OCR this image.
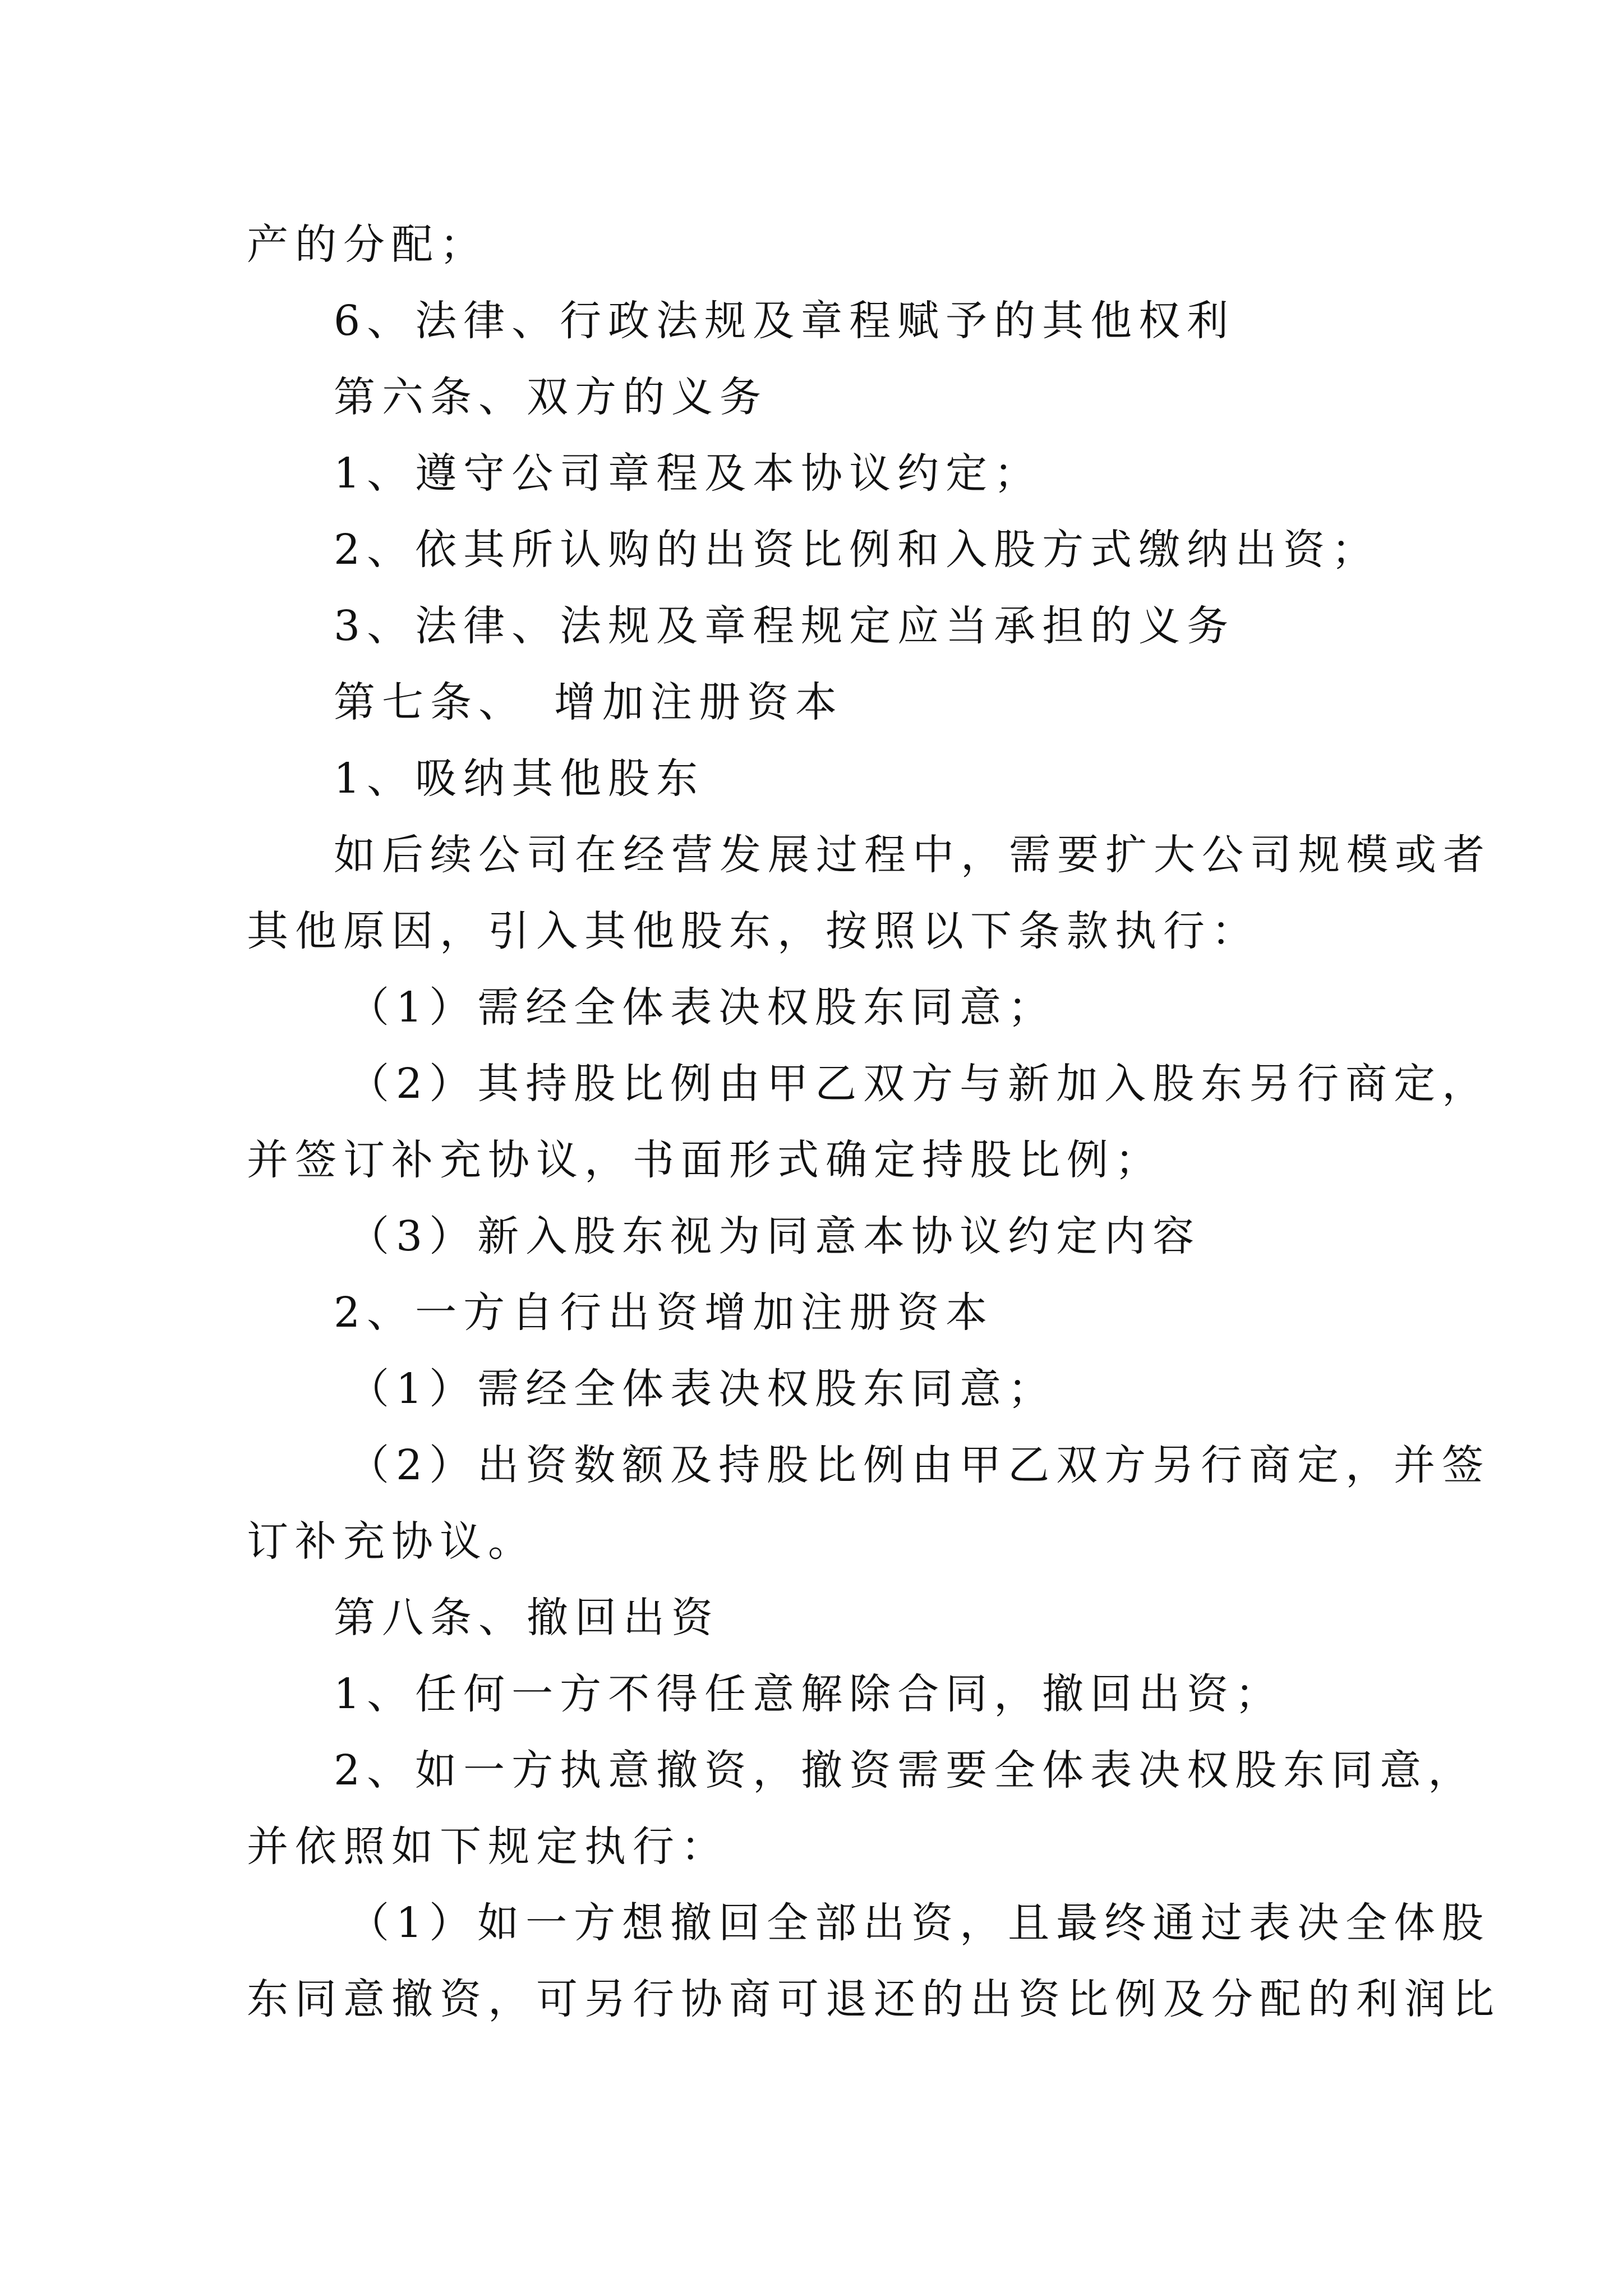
产的分配；
6、法律、行政法规及章程赋予的其他权利
第六条、双方的义务
1、遵守公司章程及本协议约定；
2、依其所认购的出资比例和入股方式缴纳出资；
3、法律、法规及章程规定应当承担的义务
第七条、　增加注册资本
1、吸纳其他股东
如后续公司在经营发展过程中，需要扩大公司规模或者
其他原因，引入其他股东，按照以下条款执行：
（1）需经全体表决权股东同意；
（2）其持股比例由甲乙双方与新加入股东另行商定，
并签订补充协议，书面形式确定持股比例；
（3）新入股东视为同意本协议约定内容
2、一方自行出资增加注册资本
（1）需经全体表决权股东同意；
（2）出资数额及持股比例由甲乙双方另行商定，并签
订补充协议。
第八条、撤回出资
1、任何一方不得任意解除合同，撤回出资；
2、如一方执意撤资，撤资需要全体表决权股东同意，
并依照如下规定执行：
（1）如一方想撤回全部出资，且最终通过表决全体股
东同意撤资，可另行协商可退还的出资比例及分配的利润比
